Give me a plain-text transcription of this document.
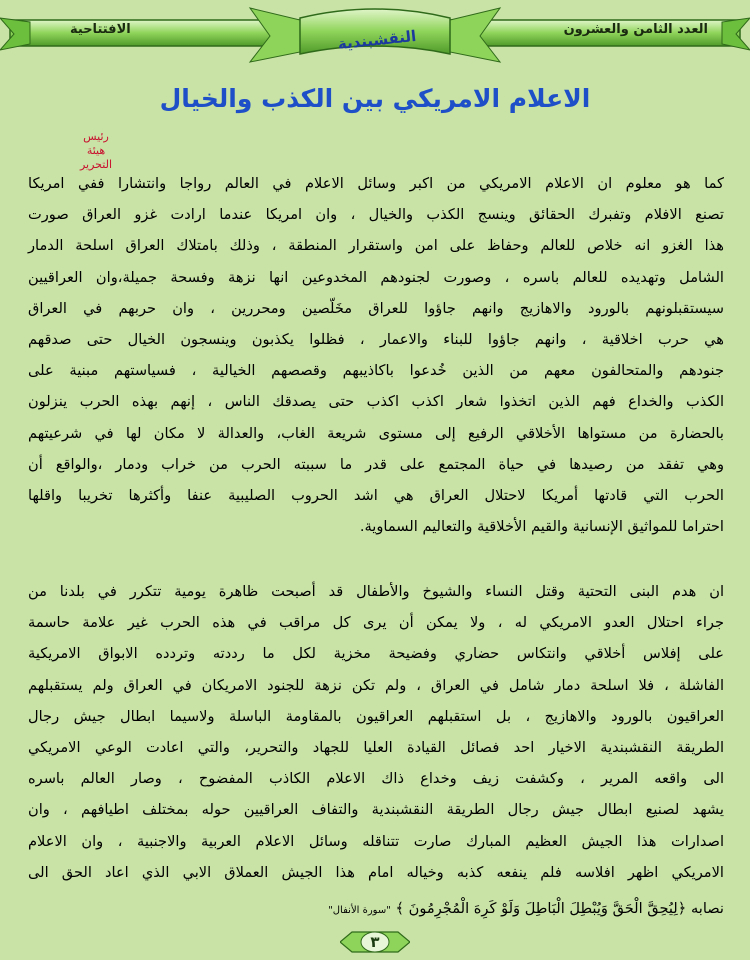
العدد الثامن والعشرون
الافتتاحية	النقشبندية
الاعلام الامريكي بين الكذب والخيال
رئيس
هيئة التحرير
كما هو معلوم ان الاعلام الامريكي من اكبر وسائل الاعلام في العالم رواجا وانتشارا ففي امريكا
تصنع الافلام وتفبرك الحقائق وينسج الكذب والخيال ، وان امريكا عندما ارادت غزو العراق صورت
هذا الغزو انه خلاص للعالم وحفاظ على امن واستقرار المنطقة ، وذلك بامتلاك العراق اسلحة الدمار
الشامل وتهديده للعالم باسره ، وصورت لجنودهم المخدوعين انها نزهة وفسحة جميلة،وان العراقيين
سيستقبلونهم بالورود والاهازيج وانهم جاؤوا للعراق مخَلّصين ومحررين ، وان حربهم في العراق
هي حرب اخلاقية ، وانهم جاؤوا للبناء والاعمار ، فظلوا يكذبون وينسجون الخيال حتى صدقهم
جنودهم والمتحالفون معهم من الذين خُدعوا باكاذيبهم وقصصهم الخيالية ، فسياستهم مبنية على
الكذب والخداع فهم الذين اتخذوا شعار اكذب اكذب حتى يصدقك الناس ، إنهم بهذه الحرب ينزلون
بالحضارة من مستواها الأخلاقي الرفيع إلى مستوى شريعة الغاب، والعدالة لا مكان لها في شرعيتهم
وهي تفقد من رصيدها في حياة المجتمع على قدر ما سببته الحرب من خراب ودمار ،والواقع أن
الحرب التي قادتها أمريكا لاحتلال العراق هي اشد الحروب الصليبية عنفا وأكثرها تخريبا واقلها
احتراما للمواثيق الإنسانية والقيم الأخلاقية والتعاليم السماوية.
ان هدم البنى التحتية وقتل النساء والشيوخ والأطفال قد أصبحت ظاهرة يومية تتكرر في بلدنا من
جراء احتلال العدو الامريكي له ، ولا يمكن أن يرى كل مراقب في هذه الحرب غير علامة حاسمة
على إفلاس أخلاقي وانتكاس حضاري وفضيحة مخزية لكل ما رددته وتردده الابواق الامريكية
الفاشلة ، فلا اسلحة دمار شامل في العراق ، ولم تكن نزهة للجنود الامريكان في العراق ولم يستقبلهم
العراقيون بالورود والاهازيج ، بل استقبلهم العراقيون بالمقاومة الباسلة ولاسيما ابطال جيش رجال
الطريقة النقشبندية الاخيار احد فصائل القيادة العليا للجهاد والتحرير، والتي اعادت الوعي الامريكي
الى واقعه المرير ، وكشفت زيف وخداع ذاك الاعلام الكاذب المفضوح ، وصار العالم باسره
يشهد لصنيع ابطال جيش رجال الطريقة النقشبندية والتفاف العراقيين حوله بمختلف اطيافهم ، وان
اصدارات هذا الجيش العظيم المبارك صارت تتناقله وسائل الاعلام العربية والاجنبية ، وان الاعلام
الامريكي اظهر افلاسه فلم ينفعه كذبه وخياله امام هذا الجيش العملاق الابي الذي اعاد الحق الى
نصابه ﴿لِيُحِقَّ الْحَقَّ وَيُبْطِلَ الْبَاطِلَ وَلَوْ كَرِهَ الْمُجْرِمُونَ ﴾ "سورة الأنفال"
٣
